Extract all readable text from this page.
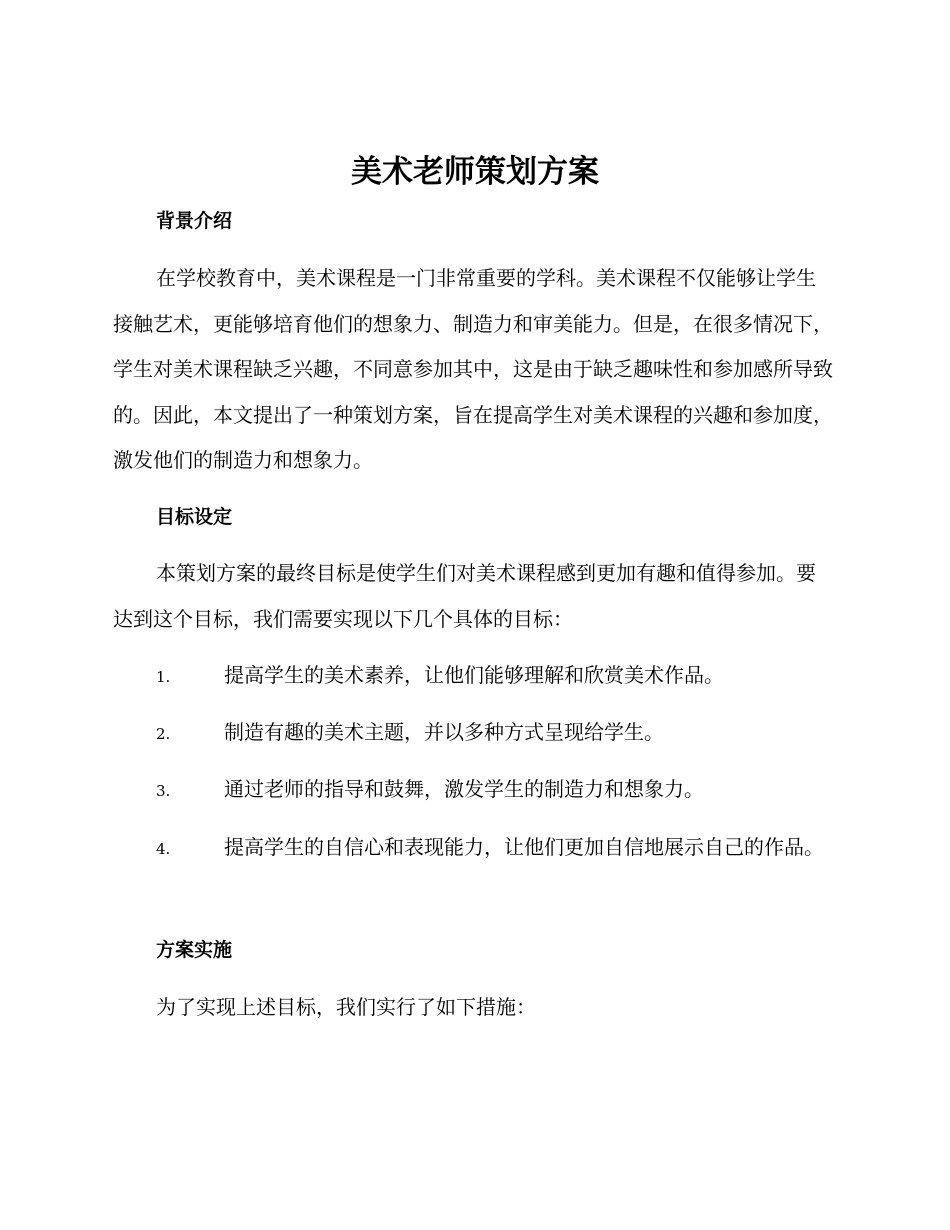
美术老师策划方案
背景介绍

在学校教育中，美术课程是一门非常重要的学科。美术课程不仅能够让学生接触艺术，更能够培育他们的想象力、制造力和审美能力。但是，在很多情况下，学生对美术课程缺乏兴趣，不同意参加其中，这是由于缺乏趣味性和参加感所导致的。因此，本文提出了一种策划方案，旨在提高学生对美术课程的兴趣和参加度，激发他们的制造力和想象力。

目标设定

本策划方案的最终目标是使学生们对美术课程感到更加有趣和值得参加。要达到这个目标，我们需要实现以下几个具体的目标：

1.	提高学生的美术素养，让他们能够理解和欣赏美术作品。

2.	制造有趣的美术主题，并以多种方式呈现给学生。

3.	通过老师的指导和鼓舞，激发学生的制造力和想象力。

4.	提高学生的自信心和表现能力，让他们更加自信地展示自己的作品。

方案实施

为了实现上述目标，我们实行了如下措施：
